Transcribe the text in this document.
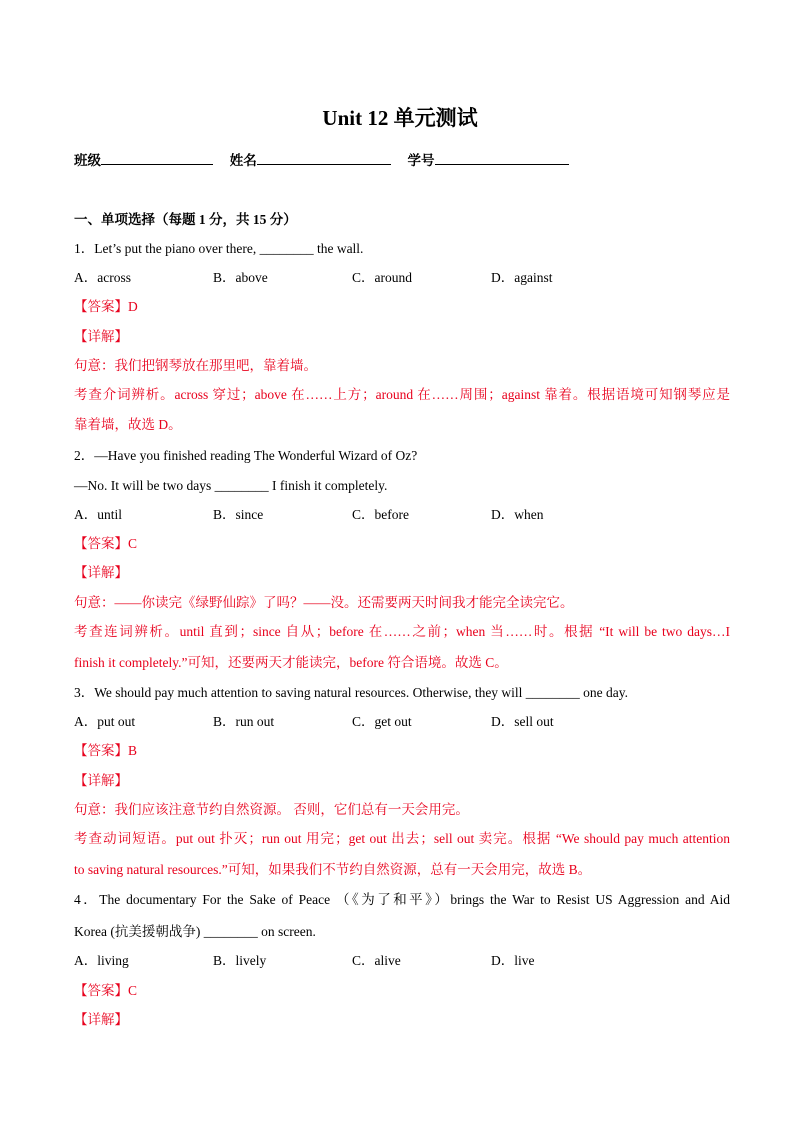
Unit 12 单元测试
班级	姓名	学号
一、单项选择（每题 1 分，共 15 分）
1．Let’s put the piano over there, ________ the wall.
A．across	B．above	C．around	D．against
【答案】D
【详解】
句意：我们把钢琴放在那里吧，靠着墙。
考查介词辨析。across 穿过；above 在……上方；around 在……周围；against 靠着。根据语境可知钢琴应是
靠着墙，故选 D。
2．—Have you finished reading The Wonderful Wizard of Oz?
—No. It will be two days ________ I finish it completely.
A．until	B．since	C．before	D．when
【答案】C
【详解】
句意：——你读完《绿野仙踪》了吗？——没。还需要两天时间我才能完全读完它。
考查连词辨析。until 直到；since 自从；before 在……之前；when 当……时。根据 “It will be two days…I
finish it completely.”可知，还要两天才能读完，before 符合语境。故选 C。
3．We should pay much attention to saving natural resources. Otherwise, they will ________ one day.
A．put out	B．run out	C．get out	D．sell out
【答案】B
【详解】
句意：我们应该注意节约自然资源。 否则，它们总有一天会用完。
考查动词短语。put out 扑灭；run out 用完；get out 出去；sell out 卖完。根据 “We should pay much attention
to saving natural resources.”可知，如果我们不节约自然资源，总有一天会用完，故选 B。
4．The documentary For the Sake of Peace （《为了和平》）brings the War to Resist US Aggression and Aid
Korea (抗美援朝战争) ________ on screen.
A．living	B．lively	C．alive	D．live
【答案】C
【详解】
